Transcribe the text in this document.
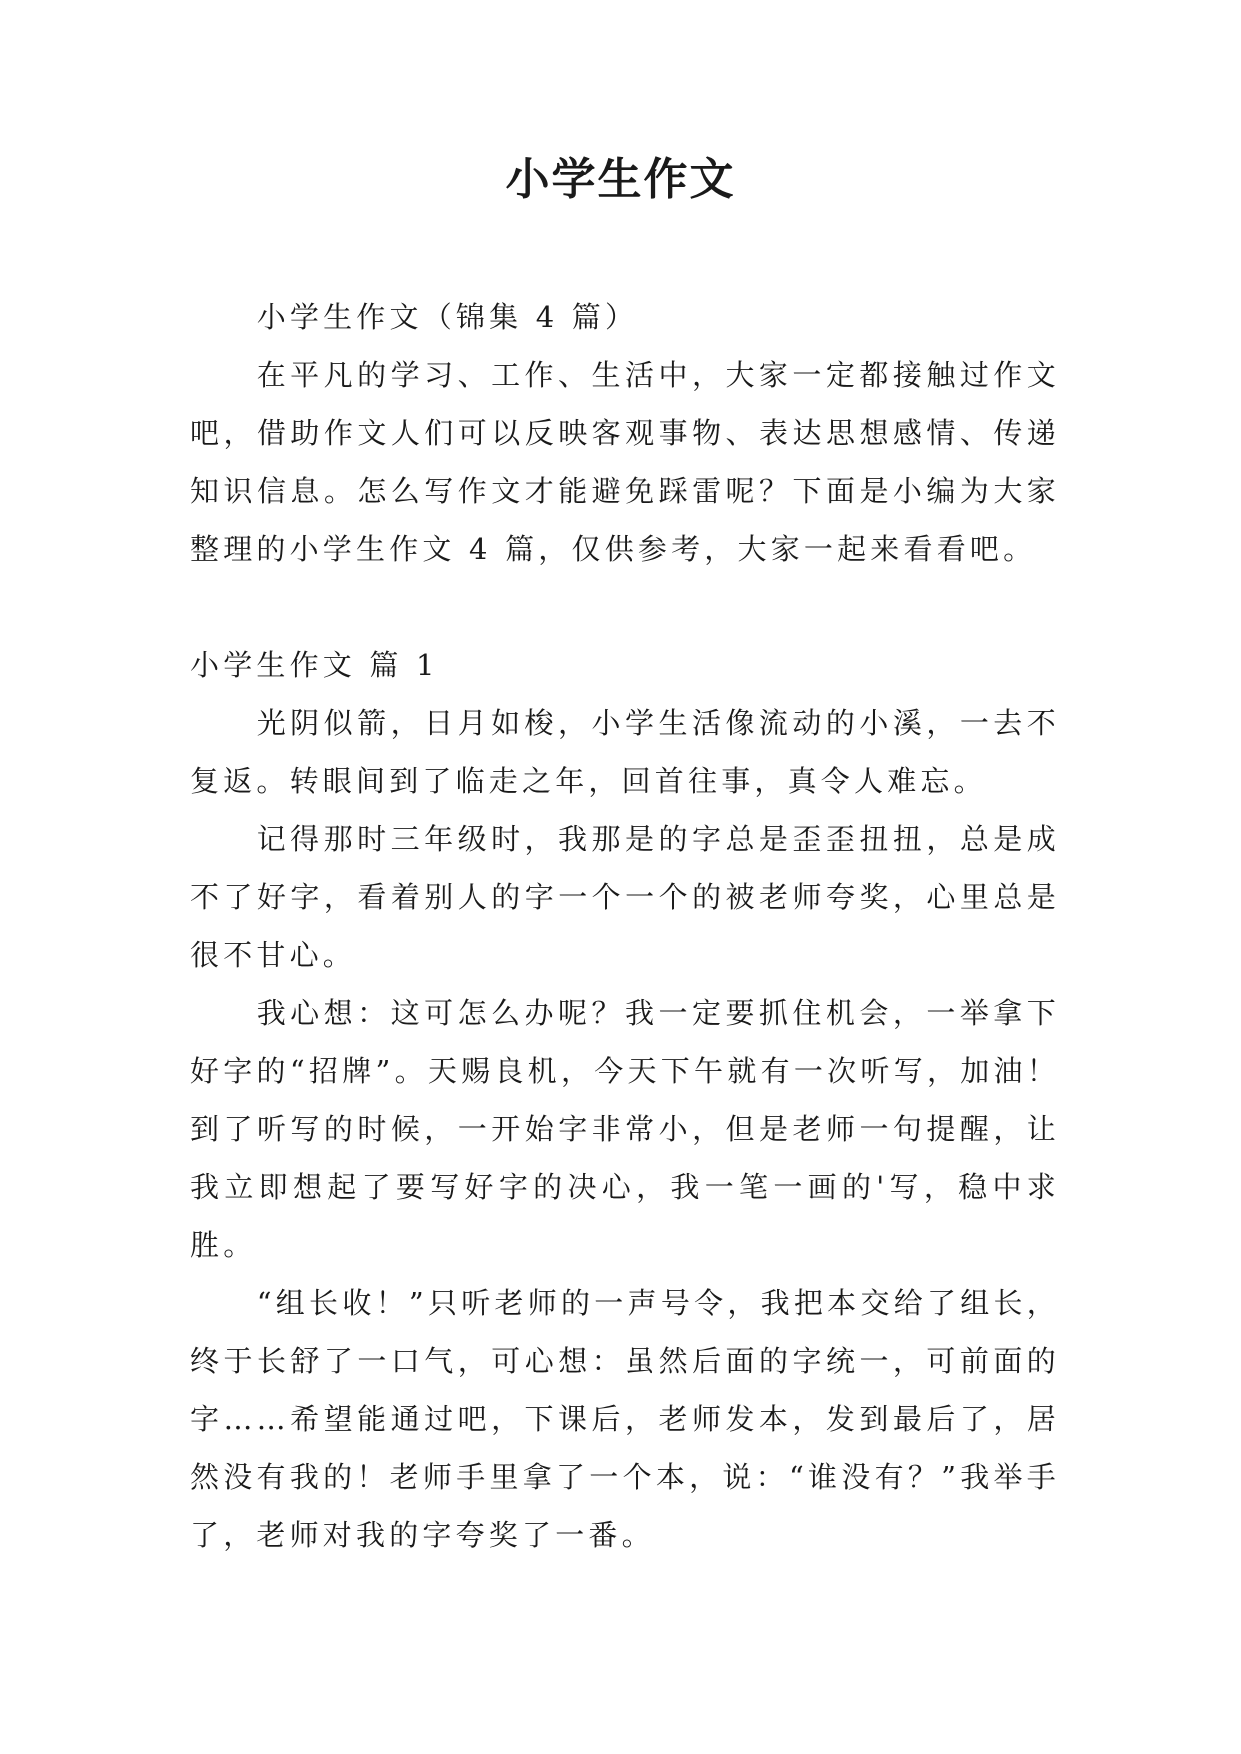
小学生作文

小学生作文（锦集 4 篇）

在平凡的学习、工作、生活中，大家一定都接触过作文吧，借助作文人们可以反映客观事物、表达思想感情、传递知识信息。怎么写作文才能避免踩雷呢？下面是小编为大家整理的小学生作文 4 篇，仅供参考，大家一起来看看吧。

小学生作文 篇 1

光阴似箭，日月如梭，小学生活像流动的小溪，一去不复返。转眼间到了临走之年，回首往事，真令人难忘。

记得那时三年级时，我那是的字总是歪歪扭扭，总是成不了好字，看着别人的字一个一个的被老师夸奖，心里总是很不甘心。

我心想：这可怎么办呢？我一定要抓住机会，一举拿下好字的“招牌”。天赐良机，今天下午就有一次听写，加油！到了听写的时候，一开始字非常小，但是老师一句提醒，让我立即想起了要写好字的决心，我一笔一画的'写，稳中求胜。

“组长收！”只听老师的一声号令，我把本交给了组长，终于长舒了一口气，可心想：虽然后面的字统一，可前面的字……希望能通过吧，下课后，老师发本，发到最后了，居然没有我的！老师手里拿了一个本，说：“谁没有？”我举手了，老师对我的字夸奖了一番。
